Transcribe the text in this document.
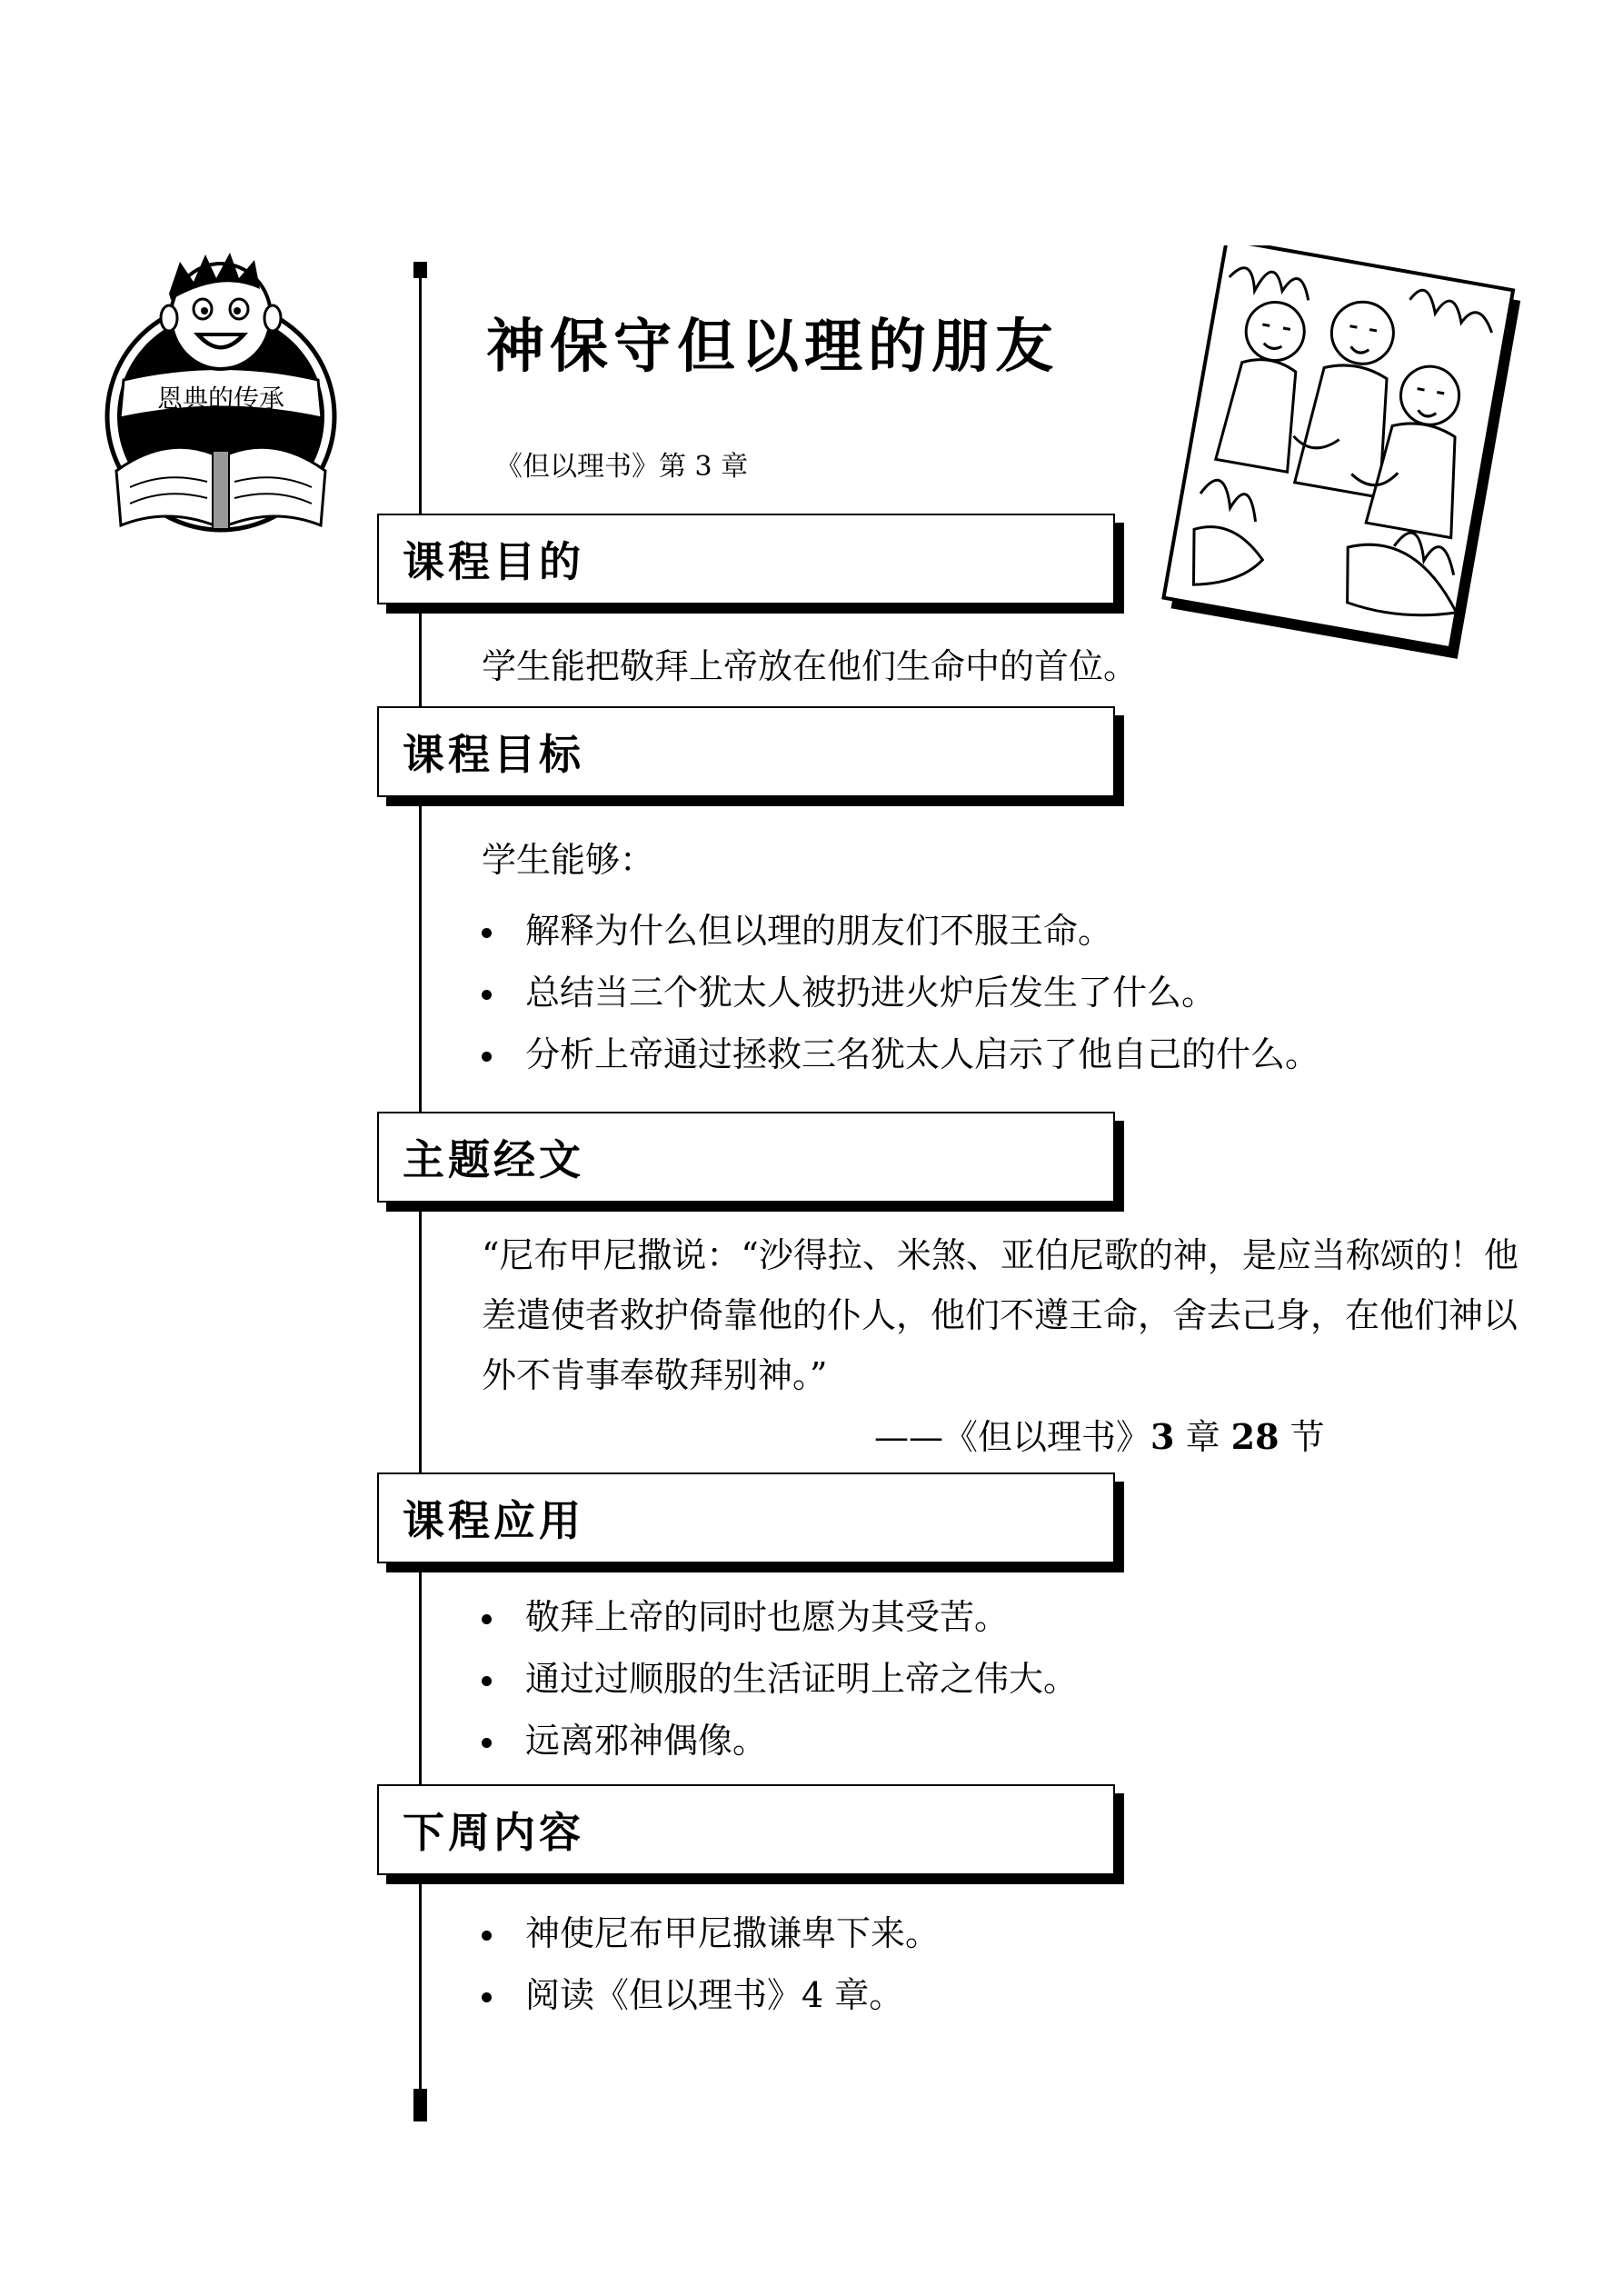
恩典的传承
神保守但以理的朋友
《但以理书》第 3 章
课程目的
学生能把敬拜上帝放在他们生命中的首位。
课程目标
学生能够：
解释为什么但以理的朋友们不服王命。
总结当三个犹太人被扔进火炉后发生了什么。
分析上帝通过拯救三名犹太人启示了他自己的什么。
主题经文
“尼布甲尼撒说：“沙得拉、米煞、亚伯尼歌的神，是应当称颂的！他差遣使者救护倚靠他的仆人，他们不遵王命，舍去己身，在他们神以外不肯事奉敬拜别神。”
——《但以理书》3 章 28 节
课程应用
敬拜上帝的同时也愿为其受苦。
通过过顺服的生活证明上帝之伟大。
远离邪神偶像。
下周内容
神使尼布甲尼撒谦卑下来。
阅读《但以理书》4 章。
